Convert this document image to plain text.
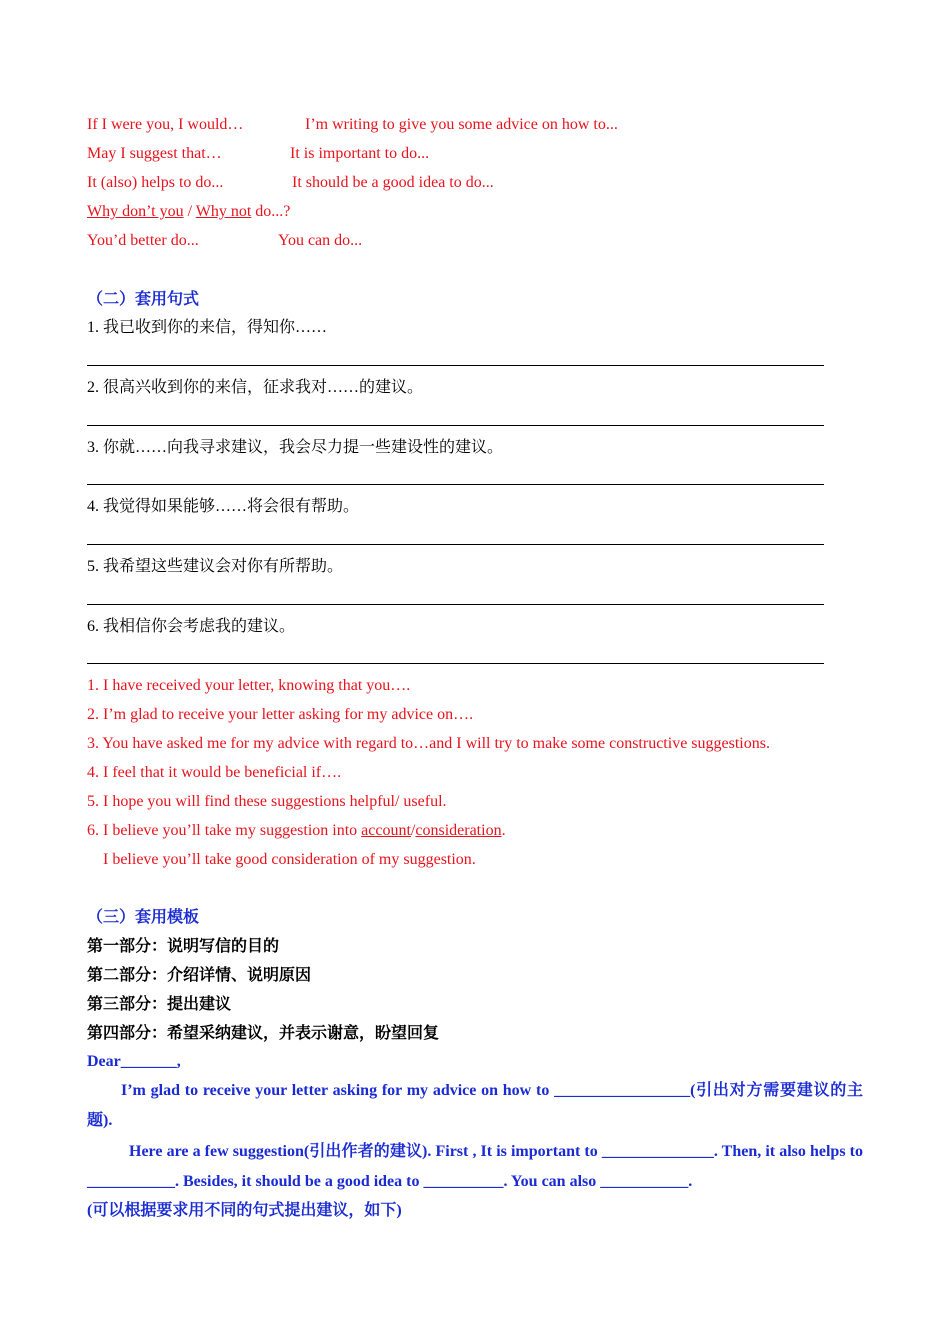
If I were you, I would…	I’m writing to give you some advice on how to...
May I suggest that…	It is important to do...
It (also) helps to do...	It should be a good idea to do...
Why don’t you / Why not do...?
You’d better do...	You can do...
（二）套用句式
1. 我已收到你的来信，得知你……
2. 很高兴收到你的来信，征求我对……的建议。
3. 你就……向我寻求建议，我会尽力提一些建设性的建议。
4. 我觉得如果能够……将会很有帮助。
5. 我希望这些建议会对你有所帮助。
6. 我相信你会考虑我的建议。
1. I have received your letter, knowing that you….
2. I’m glad to receive your letter asking for my advice on….
3. You have asked me for my advice with regard to…and I will try to make some constructive suggestions.
4. I feel that it would be beneficial if….
5. I hope you will find these suggestions helpful/ useful.
6. I believe you’ll take my suggestion into account/consideration.
I believe you’ll take good consideration of my suggestion.
（三）套用模板
第一部分：说明写信的目的
第二部分：介绍详情、说明原因
第三部分：提出建议
第四部分：希望采纳建议，并表示谢意，盼望回复
Dear_______,
I’m glad to receive your letter asking for my advice on how to _________________(引出对方需要建议的主题).
Here are a few suggestion(引出作者的建议). First , It is important to ______________. Then, it also helps to ___________. Besides, it should be a good idea to __________. You can also ___________.
(可以根据要求用不同的句式提出建议，如下)
